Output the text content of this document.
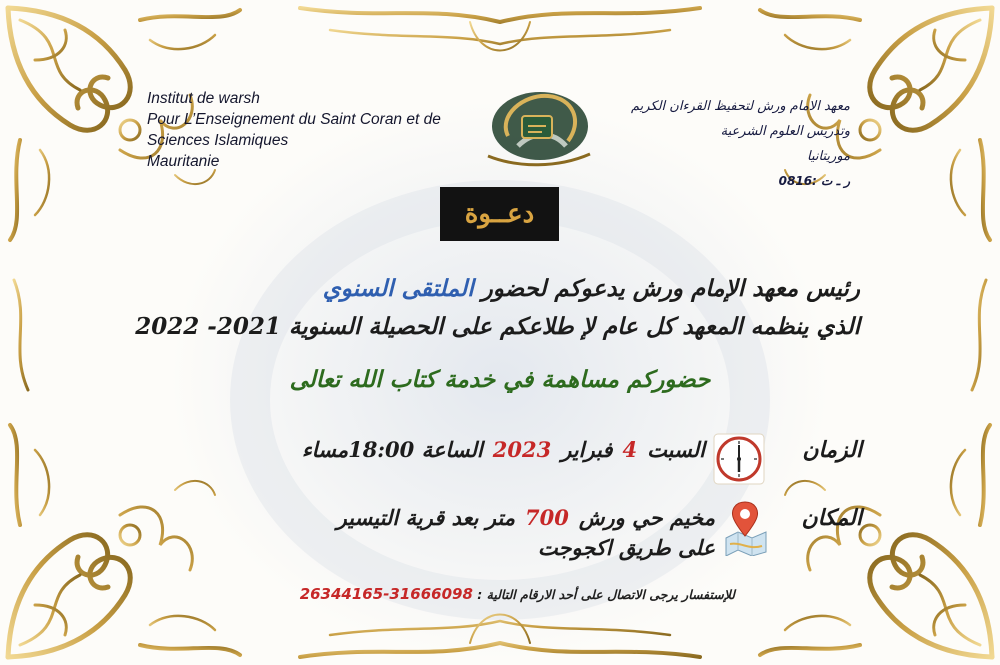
Institut de warsh
Pour L’Enseignement du Saint Coran et de
Sciences Islamiques
Mauritanie
معهد الامام ورش لتحفيظ القرءان الكريم
وتدريس العلوم الشرعية
موريتانيا
ر ـ ت :0816
دعــوة
رئيس معهد الإمام ورش يدعوكم لحضور الملتقى السنوي
الذي ينظمه المعهد كل عام لإ طلاعكم على الحصيلة السنوية 2021- 2022
حضوركم مساهمة في خدمة كتاب الله تعالى
الزمان
السبت
4
فبراير
2023
الساعة 18:00مساء
المكان
مخيم حي ورش
700
متر بعد قرية التيسير
على طريق اكجوجت
للإستفسار يرجى الاتصال على أحد الارقام التالية : 31666098-26344165
